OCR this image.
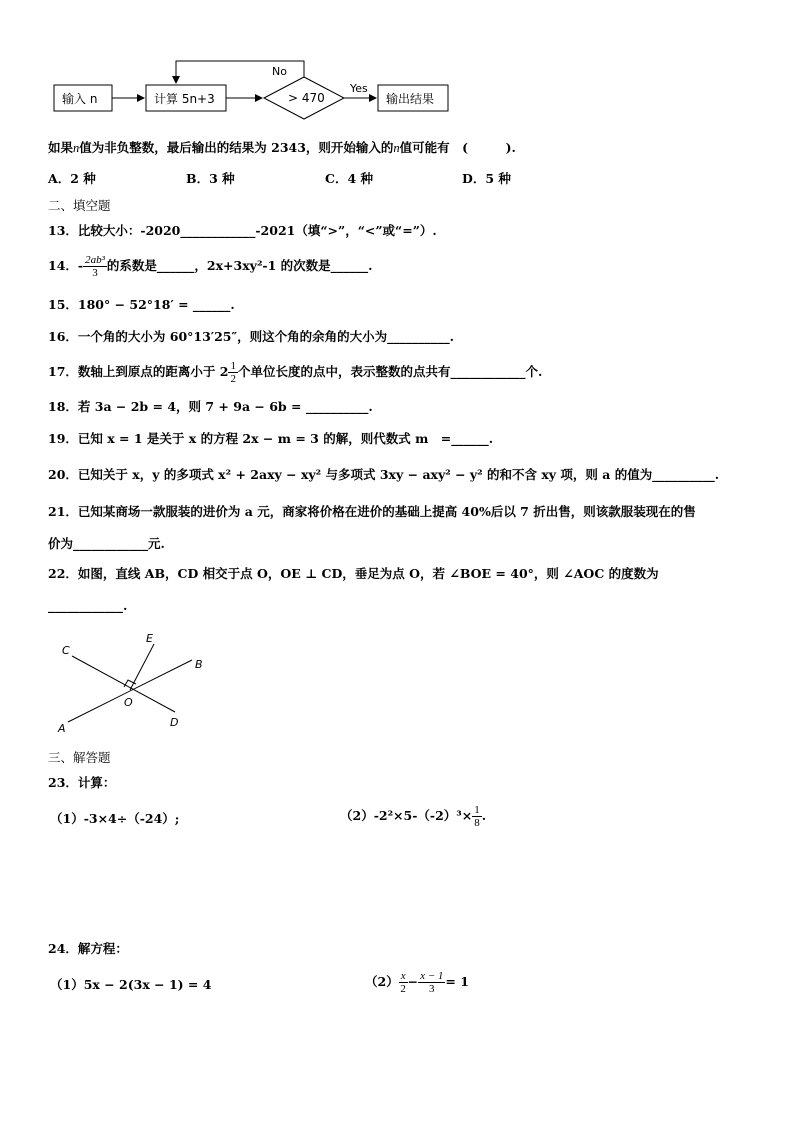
输入 n	计算 5n+3	> 470
No
Yes
输出结果
如果n值为非负整数，最后输出的结果为 2343，则开始输入的n值可能有　(　　　).
A．2 种	B．3 种	C．4 种	D．5 种
二、填空题
13．比较大小：-2020____________-2021（填“>”，“<”或“=”）.
14．- $\frac{\text{2ab³}}{3}$ 的系数是______，2x+3xy²-1 的次数是______.
15．180° − 52°18′ = ______.
16．一个角的大小为 60°13′25″，则这个角的余角的大小为__________.
17．数轴上到原点的距离小于 $2 \frac{1}{2}$ 个单位长度的点中，表示整数的点共有____________个.
18．若 3a − 2b = 4，则 7 + 9a − 6b = __________.
19．已知 x = 1 是关于 x 的方程 2x − m = 3 的解，则代数式 m　=______.
20．已知关于 x，y 的多项式 x² + 2axy − xy² 与多项式 3xy − axy² − y² 的和不含 xy 项，则 a 的值为__________.
21．已知某商场一款服装的进价为 a 元，商家将价格在进价的基础上提高 40%后以 7 折出售，则该款服装现在的售
价为____________元.
22．如图，直线 AB，CD 相交于点 O，OE ⊥ CD，垂足为点 O，若 ∠BOE = 40°，则 ∠AOC 的度数为
____________.
C
E
B
O
A	D
三、解答题
23．计算：
（1）-3×4÷（-24）;	$(2)-2^2\times 5-(-2)^3\times \frac{1}{8}$ .
24．解方程：
（1）5x − 2(3x − 1) = 4	$(2) \frac{x}{2} - \frac{x - 1}{3} = 1$
